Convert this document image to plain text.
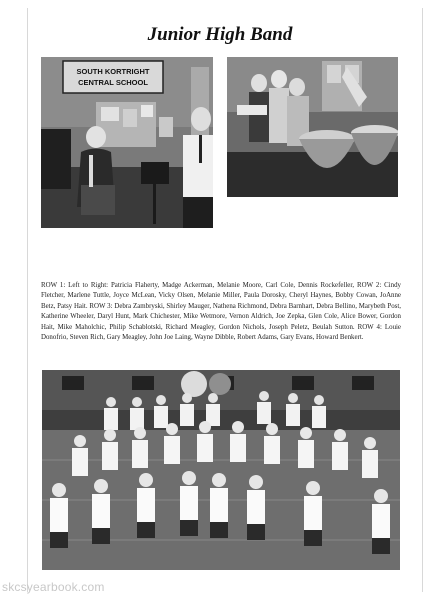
Junior High Band
SOUTH KORTRIGHT
CENTRAL SCHOOL
ROW 1: Left to Right: Patricia Flaherty, Madge Ackerman, Melanie Moore, Carl Cole, Dennis Rockefeller, ROW 2: Cindy Fletcher, Marlene Tuttle, Joyce McLean, Vicky Olsen, Melanie Miller, Paula Dorosky, Cheryl Haynes, Bobby Cowan, JoAnne Betz, Patsy Hait. ROW 3: Debra Zambryski, Shirley Mauger, Nathena Richmond, Debra Barnhart, Debra Bellino, Marybeth Post, Katherine Wheeler, Daryl Hunt, Mark Chichester, Mike Wetmore, Vernon Aldrich, Joe Zepka, Glen Cole, Alice Bower, Gordon Hait, Mike Maholchic, Philip Schablotski, Richard Meagley, Gordon Nichols, Joseph Peletz, Beulah Sutton. ROW 4: Louie Donofrio, Steven Rich, Gary Meagley, John Joe Laing, Wayne Dibble, Robert Adams, Gary Evans, Howard Benkert.
skcsyearbook.com
